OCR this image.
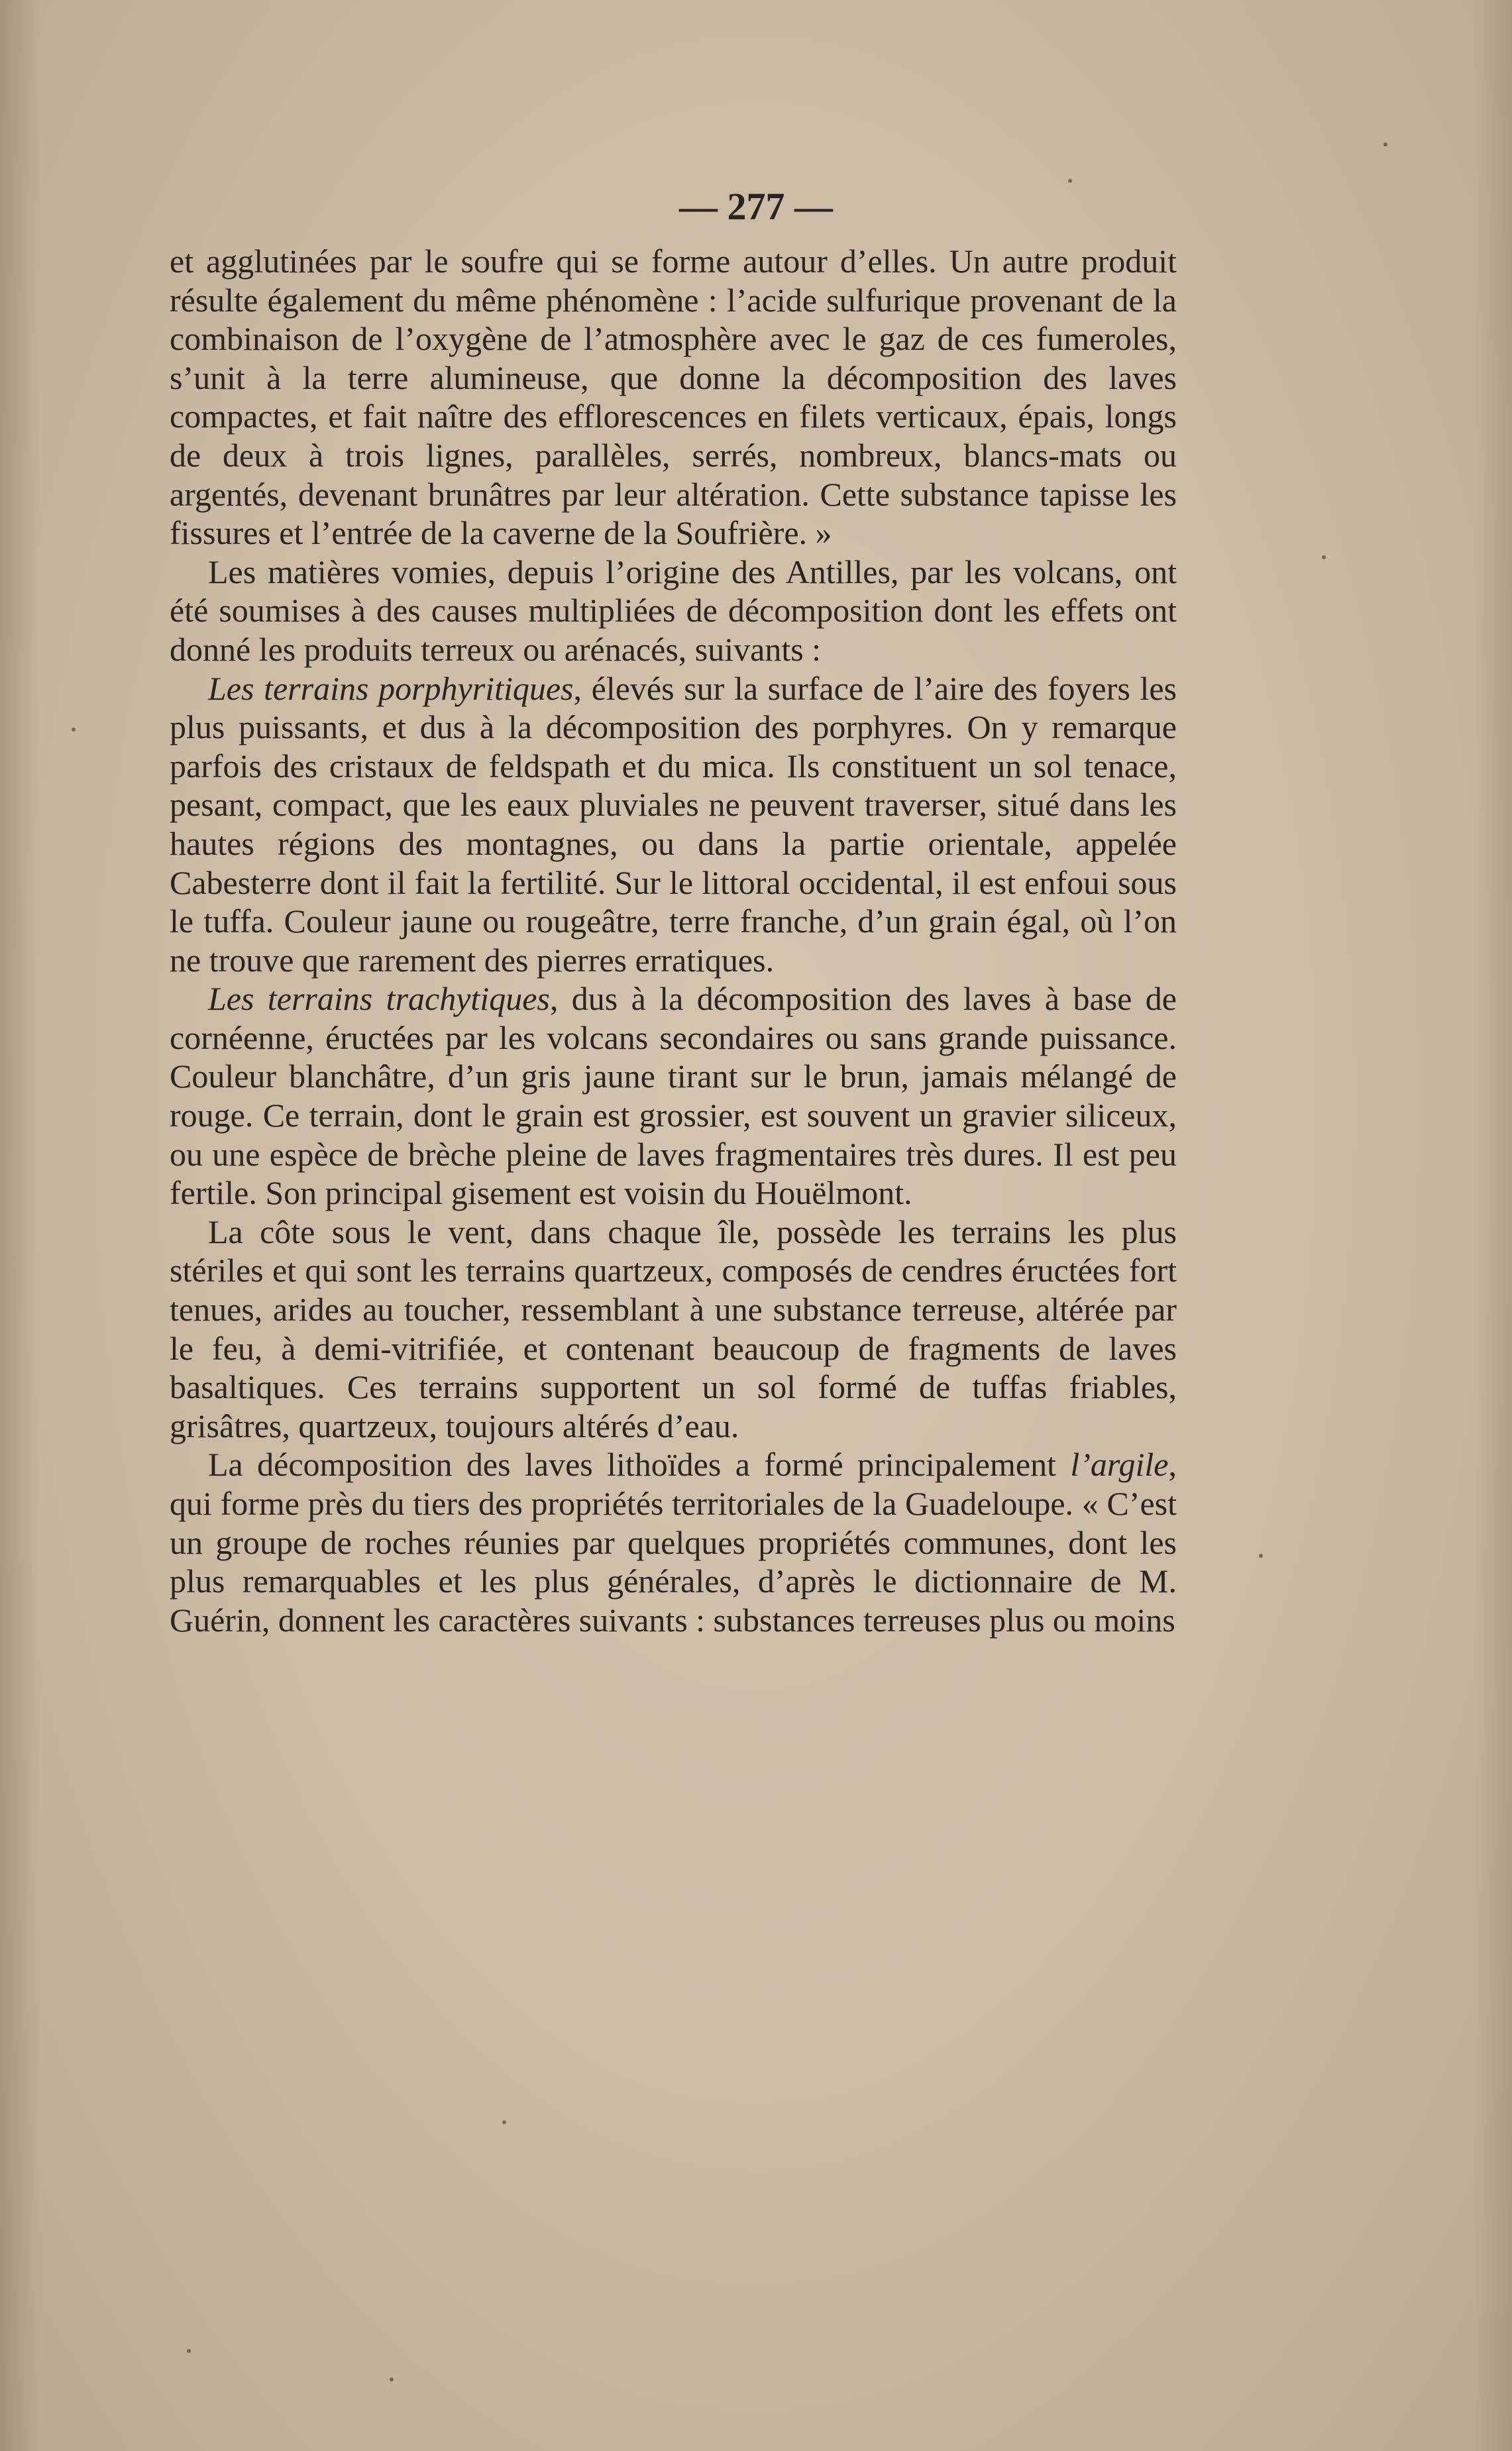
— 277 —

et agglutinées par le soufre qui se forme autour d’elles. Un autre produit résulte également du même phénomène : l’acide sulfurique provenant de la combinaison de l’oxygène de l’atmosphère avec le gaz de ces fumeroles, s’unit à la terre alumineuse, que donne la décomposition des laves compactes, et fait naître des efflorescences en filets verticaux, épais, longs de deux à trois lignes, parallèles, serrés, nombreux, blancs-mats ou argentés, devenant brunâtres par leur altération. Cette substance tapisse les fissures et l’entrée de la caverne de la Soufrière. »

Les matières vomies, depuis l’origine des Antilles, par les volcans, ont été soumises à des causes multipliées de décomposition dont les effets ont donné les produits terreux ou arénacés, suivants :

Les terrains porphyritiques, élevés sur la surface de l’aire des foyers les plus puissants, et dus à la décomposition des porphyres. On y remarque parfois des cristaux de feldspath et du mica. Ils constituent un sol tenace, pesant, compact, que les eaux pluviales ne peuvent traverser, situé dans les hautes régions des montagnes, ou dans la partie orientale, appelée Cabesterre dont il fait la fertilité. Sur le littoral occidental, il est enfoui sous le tuffa. Couleur jaune ou rougeâtre, terre franche, d’un grain égal, où l’on ne trouve que rarement des pierres erratiques.

Les terrains trachytiques, dus à la décomposition des laves à base de cornéenne, éructées par les volcans secondaires ou sans grande puissance. Couleur blanchâtre, d’un gris jaune tirant sur le brun, jamais mélangé de rouge. Ce terrain, dont le grain est grossier, est souvent un gravier siliceux, ou une espèce de brèche pleine de laves fragmentaires très dures. Il est peu fertile. Son principal gisement est voisin du Houëlmont.

La côte sous le vent, dans chaque île, possède les terrains les plus stériles et qui sont les terrains quartzeux, composés de cendres éructées fort tenues, arides au toucher, ressemblant à une substance terreuse, altérée par le feu, à demi-vitrifiée, et contenant beaucoup de fragments de laves basaltiques. Ces terrains supportent un sol formé de tuffas friables, grisâtres, quartzeux, toujours altérés d’eau.

La décomposition des laves lithoïdes a formé principalement l’argile, qui forme près du tiers des propriétés territoriales de la Guadeloupe. « C’est un groupe de roches réunies par quelques propriétés communes, dont les plus remarquables et les plus générales, d’après le dictionnaire de M. Guérin, donnent les caractères suivants : substances terreuses plus ou moins
